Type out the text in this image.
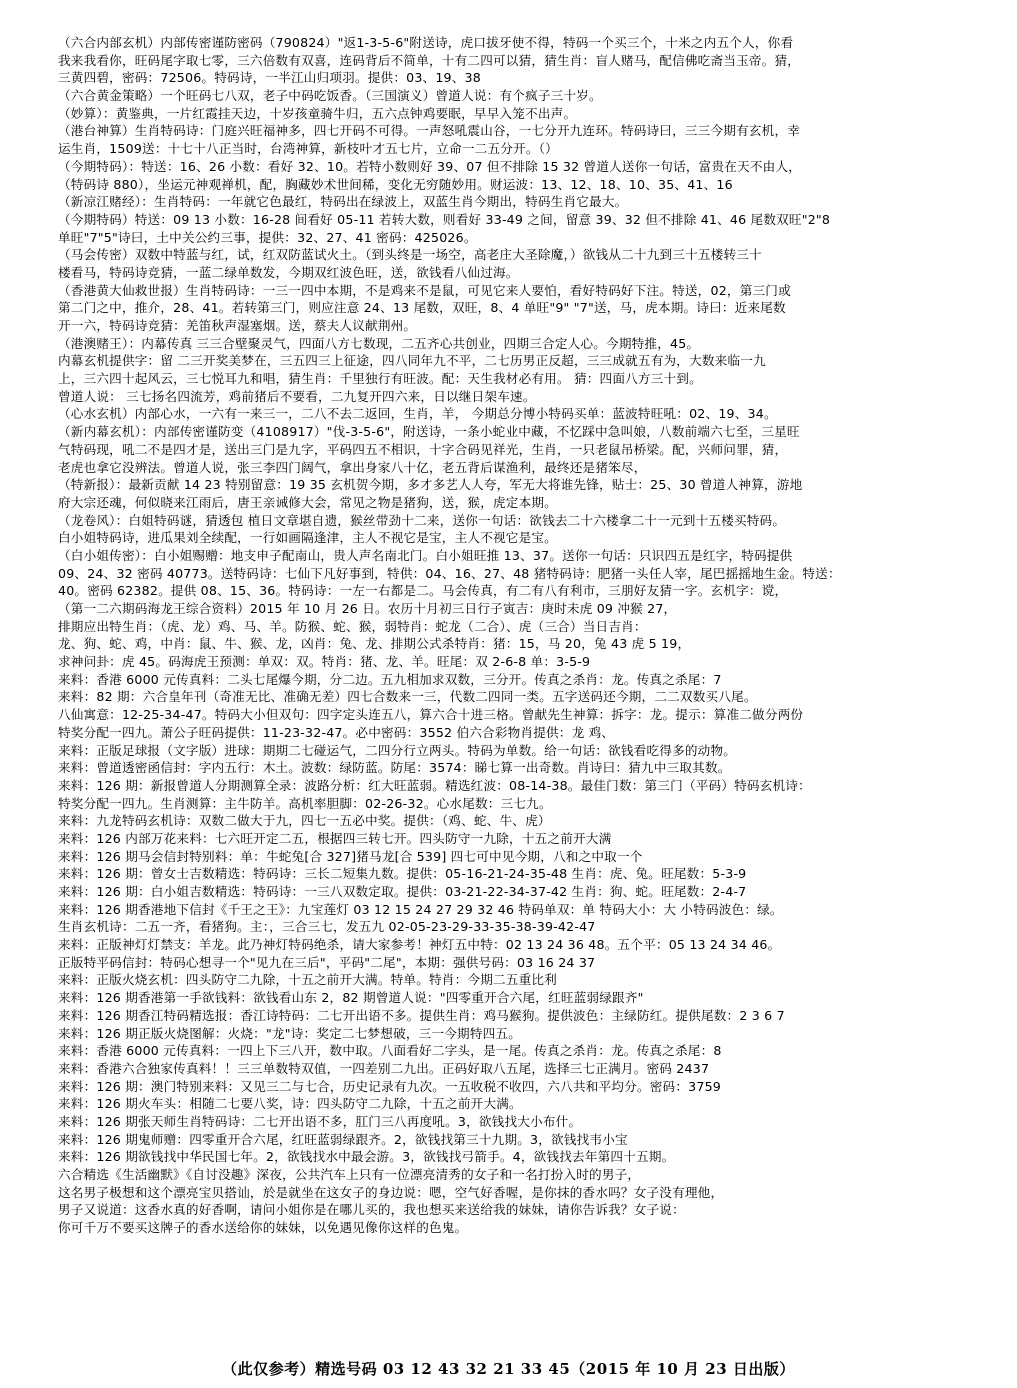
（六合内部玄机）内部传密谨防密码（790824）"返1-3-5-6"附送诗，虎口拔牙使不得，特码一个买三个，十米之内五个人，你看
我来我看你，旺码尾字取七零，三六倍数有双喜，连码背后不简单，十有二四可以猜，猜生肖：盲人赌马，配信佛吃斋当玉帝。猜，
三黄四碧，密码：72506。特码诗，一半江山归项羽。提供：03、19、38
（六合黄金策略）一个旺码七八双，老子中码吃饭香。（三国演义）曾道人说：有个疯子三十岁。
（妙算）：黄鉴典，一片红霞挂天边，十岁孩童骑牛归，五六点钟鸡要眠，早早入笼不出声。
（港台神算）生肖特码诗：门庭兴旺福神多，四七开码不可得。一声怒吼震山谷，一七分开九连环。特码诗曰，三三今期有玄机，幸
运生肖，1509送：十七十八正当时，台湾神算，新枝叶才五七片，立命一二五分开。（）
（今期特码）：特送：16、26 小数：看好 32、10。若特小数则好 39、07 但不排除 15 32 曾道人送你一句话，富贵在天不由人，
（特码诗 880），坐运元神观禅机，配，胸藏妙术世间稀，变化无穷随妙用。财运波：13、12、18、10、35、41、16
（新凉江赌经）：生肖特码：一年就它色最红，特码出在绿波上，双蓝生肖今期出，特码生肖它最大。
（今期特码）特送：09 13 小数：16-28 间看好 05-11 若转大数，则看好 33-49 之间，留意 39、32 但不排除 41、46 尾数双旺"2"8
单旺"7"5"诗曰，土中关公约三事，提供：32、27、41 密码：425026。
（马会传密）双数中特蓝与红，试，红双防蓝试火土。（到头终是一场空，高老庄大圣除魔，）欲钱从二十九到三十五楼转三十
楼看马，特码诗竞猜，一蓝二绿单数发，今期双红波色旺，送，欲钱看八仙过海。
（香港黄大仙救世报）生肖特码诗：一三一四中本期，不是鸡来不是鼠，可见它来人要怕，看好特码好下注。特送，02，第三门或
第二门之中，推介，28、41。若转第三门，则应注意 24、13 尾数，双旺，8、4 单旺"9" "7"送，马，虎本期。诗曰：近来尾数
开一六，特码诗竞猜：羌笛秋声湿塞烟。送，蔡夫人议献荆州。
（港澳赌王）：内幕传真 三三合壁聚灵气，四面八方七数现，二五齐心共创业，四期三合定人心。今期特推，45。
内幕玄机提供字：留 二三开奖美梦在，三五四三上征途，四八同年九不平，二七历男正反超，三三成就五有为，大数来临一九
上，三六四十起风云，三七悦耳九和唱，猜生肖：千里独行有旺波。配：天生我材必有用。 猜：四面八方三十到。
曾道人说： 三七扬名四流芳，鸡前猪后不要看，二九复开四六来，日以继日架车速。
（心水玄机）内部心水，一六有一来三一，二八不去二返回，生肖，羊， 今期总分博小特码买单：蓝波特旺吼：02、19、34。
（新内幕玄机）：内部传密谨防变（4108917）"伐-3-5-6"，附送诗，一条小蛇业中藏，不忆踩中急叫娘，八数前端六七至，三星旺
气特码现，吼二不是四才是，送出三门是九字，平码四五不相识，十字合码见祥光，生肖，一只老鼠吊桥梁。配，兴师问罪，猜，
老虎也拿它没辨法。曾道人说，张三李四门阔气，拿出身家八十亿，老五背后谋渔利，最终还是猪笨尽，
（特新报）：最新贡献 14 23 特别留意：19 35 玄机贺今期，多才多艺人人夸，军无大将谁先锋，贴士：25、30 曾道人神算，游地
府大宗还魂，何似晓来江雨后，唐王亲诫修大会，常见之物是猪狗，送，猴，虎定本期。
（龙卷风）：白姐特码谜，猜透包 植日文章堪自遗，猴丝带劲十二来，送你一句话：欲钱去二十六楼拿二十一元到十五楼买特码。
白小姐特码诗，进瓜果刘全续配，一行如画隔逢津，主人不视它是宝，主人不视它是宝。
（白小姐传密）：白小姐赐赠：地支申子配南山，贵人声名南北门。白小姐旺推 13、37。送你一句话：只识四五是红字，特码提供
09、24、32 密码 40773。送特码诗：七仙下凡好事到，特供：04、16、27、48 猪特码诗：肥猪一头任人宰，尾巴摇摇地生金。特送：
40。密码 62382。提供 08、15、36。特码诗：一左一右都是二。马会传真，有二有八有利市，三朋好友猜一字。玄机字：谠，
（第一二六期码海龙王综合资料）2015 年 10 月 26 日。农历十月初三日行子寅吉：庚时未虎 09 冲猴 27，
排期应出特生肖：（虎、龙）鸡、马、羊。防猴、蛇、猴，弱特肖：蛇龙（二合）、虎（三合）当日吉肖：
龙、狗、蛇、鸡，中肖：鼠、牛、猴、龙，凶肖：兔、龙、排期公式杀特肖：猪：15，马 20，兔 43 虎 5 19，
求神问卦：虎 45。码海虎王预测：单双：双。特肖：猪、龙、羊。旺尾：双 2-6-8 单：3-5-9
来料：香港 6000 元传真料：二头七尾爆今期，分二边。五九相加求双数，三分开。传真之杀肖：龙。传真之杀尾：7
来料：82 期：六合皇年刊（奇准无比、准确无差）四七合数来一三，代数二四同一类。五字送码还今期，二二双数买八尾。
八仙寓意：12-25-34-47。特码大小但双句：四字定头连五八，算六合十进三格。曾献先生神算：拆字：龙。提示：算准二做分两份
特奖分配一四九。萧公子旺码提供：11-23-32-47。必中密码：3552 伯六合彩物肖提供：龙 鸡、
来料：正版足球报（文字版）进球：期期二七碰运气，二四分行立两头。特码为单数。给一句话：欲钱看吃得多的动物。
来料：曾道透密函信封：字内五行：木土。波数：绿防蓝。防尾：3574：睇七算一出奇数。肖诗曰：猜九中三取其数。
来料：126 期：新报曾道人分期测算全录：波路分析：红大旺蓝弱。精选红波：08-14-38。最佳门数：第三门（平码）特码玄机诗：
特奖分配一四九。生肖测算：主牛防羊。高机率胆脚：02-26-32。心水尾数：三七九。
来料：九龙特码玄机诗：双数二做大于九，四七一五必中奖。提供：（鸡、蛇、牛、虎）
来料：126 内部万花来料：七六旺开定二五，根据四三转七开。四头防守一九除，十五之前开大满
来料：126 期马会信封特别料：单：牛蛇兔[合 327]猪马龙[合 539] 四七可中见今期，八和之中取一个
来料：126 期：曾女士吉数精选：特码诗：三长二短集九数。提供：05-16-21-24-35-48 生肖：虎、兔。旺尾数：5-3-9
来料：126 期：白小姐吉数精选：特码诗：一三八双数定取。提供：03-21-22-34-37-42 生肖：狗、蛇。旺尾数：2-4-7
来料：126 期香港地下信封《千王之王》：九宝莲灯 03 12 15 24 27 29 32 46 特码单双：单 特码大小：大 小特码波色：绿。
生肖玄机诗：二五一齐，看猪狗。主：，三合三七，发五九 02-05-23-29-33-35-38-39-42-47
来料：正版神灯灯禁支：羊龙。此乃神灯特码绝杀，请大家参考！神灯五中特：02 13 24 36 48。五个平：05 13 24 34 46。
正版特平码信封：特码心想寻一个"见九在三后"，平码"二尾"，本期：强供号码：03 16 24 37
来料：正版火烧玄机：四头防守二九除，十五之前开大满。特单。特肖：今期二五重比利
来料：126 期香港第一手欲钱料：欲钱看山东 2，82 期曾道人说："四零重开合六尾，红旺蓝弱绿跟齐"
来料：126 期香江特码精选报：香江诗特码：二七开出语不多。提供生肖：鸡马猴狗。提供波色：主绿防红。提供尾数：2 3 6 7
来料：126 期正版火烧图解：火烧："龙"诗：奖定二七梦想破，三一今期特四五。
来料：香港 6000 元传真料：一四上下三八开，数中取。八面看好二字头，是一尾。传真之杀肖：龙。传真之杀尾：8
来料：香港六合独家传真料！！三三单数特双值，一四差别二九出。正码好取八五尾，选择三七正满月。密码 2437
来料：126 期：澳门特别来料：又见三二与七合，历史记录有九次。一五收税不收四，六八共和平均分。密码：3759
来料：126 期火车头：相随二七要八奖，诗：四头防守二九除，十五之前开大满。
来料：126 期张天师生肖特码诗：二七开出语不多，肛门三八再度吼。3，欲钱找大小布什。
来料：126 期鬼师赠：四零重开合六尾，红旺蓝弱绿跟齐。2，欲钱找第三十九期。3，欲钱找韦小宝
来料：126 期欲钱找中华民国七年。2，欲钱找水中最会游。3，欲钱找弓箭手。4，欲钱找去年第四十五期。
六合精选《生活幽默》《自讨没趣》深夜，公共汽车上只有一位漂亮清秀的女子和一名打扮入时的男子，
这名男子极想和这个漂亮宝贝搭讪，於是就坐在这女子的身边说：嗯，空气好香喔，是你抹的香水吗？女子没有理他，
男子又说道：这香水真的好香啊，请问小姐你是在哪儿买的，我也想买来送给我的妹妹，请你告诉我？女子说：
你可千万不要买这牌子的香水送给你的妹妹，以免遇见像你这样的色鬼。
（此仅参考）精选号码 03 12 43 32 21 33 45（2015 年 10 月 23 日出版）
